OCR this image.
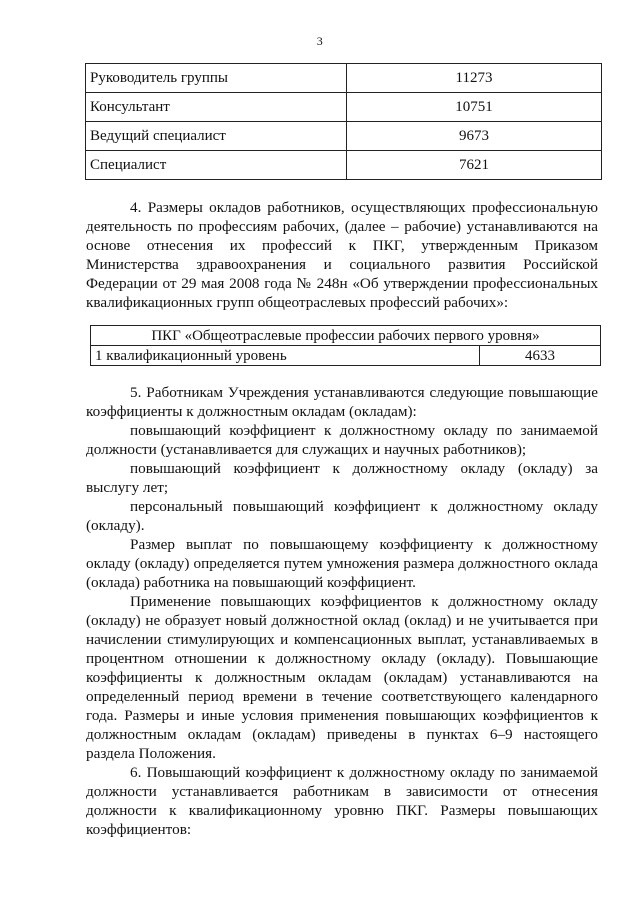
3
Руководитель группы	11273
Консультант	10751
Ведущий специалист	9673
Специалист	7621

4. Размеры окладов работников, осуществляющих профессиональную деятельность по профессиям рабочих, (далее – рабочие) устанавливаются на основе отнесения их профессий к ПКГ, утвержденным Приказом Министерства здравоохранения и социального развития Российской Федерации от 29 мая 2008 года № 248н «Об утверждении профессиональных квалификационных групп общеотраслевых профессий рабочих»:

ПКГ «Общеотраслевые профессии рабочих первого уровня»
1 квалификационный уровень	4633

5. Работникам Учреждения устанавливаются следующие повышающие коэффициенты к должностным окладам (окладам):

повышающий коэффициент к должностному окладу по занимаемой должности (устанавливается для служащих и научных работников);

повышающий коэффициент к должностному окладу (окладу) за выслугу лет;

персональный повышающий коэффициент к должностному окладу (окладу).

Размер выплат по повышающему коэффициенту к должностному окладу (окладу) определяется путем умножения размера должностного оклада (оклада) работника на повышающий коэффициент.

Применение повышающих коэффициентов к должностному окладу (окладу) не образует новый должностной оклад (оклад) и не учитывается при начислении стимулирующих и компенсационных выплат, устанавливаемых в процентном отношении к должностному окладу (окладу). Повышающие коэффициенты к должностным окладам (окладам) устанавливаются на определенный период времени в течение соответствующего календарного года. Размеры и иные условия применения повышающих коэффициентов к должностным окладам (окладам) приведены в пунктах 6–9 настоящего раздела Положения.

6. Повышающий коэффициент к должностному окладу по занимаемой должности устанавливается работникам в зависимости от отнесения должности к квалификационному уровню ПКГ. Размеры повышающих коэффициентов:
